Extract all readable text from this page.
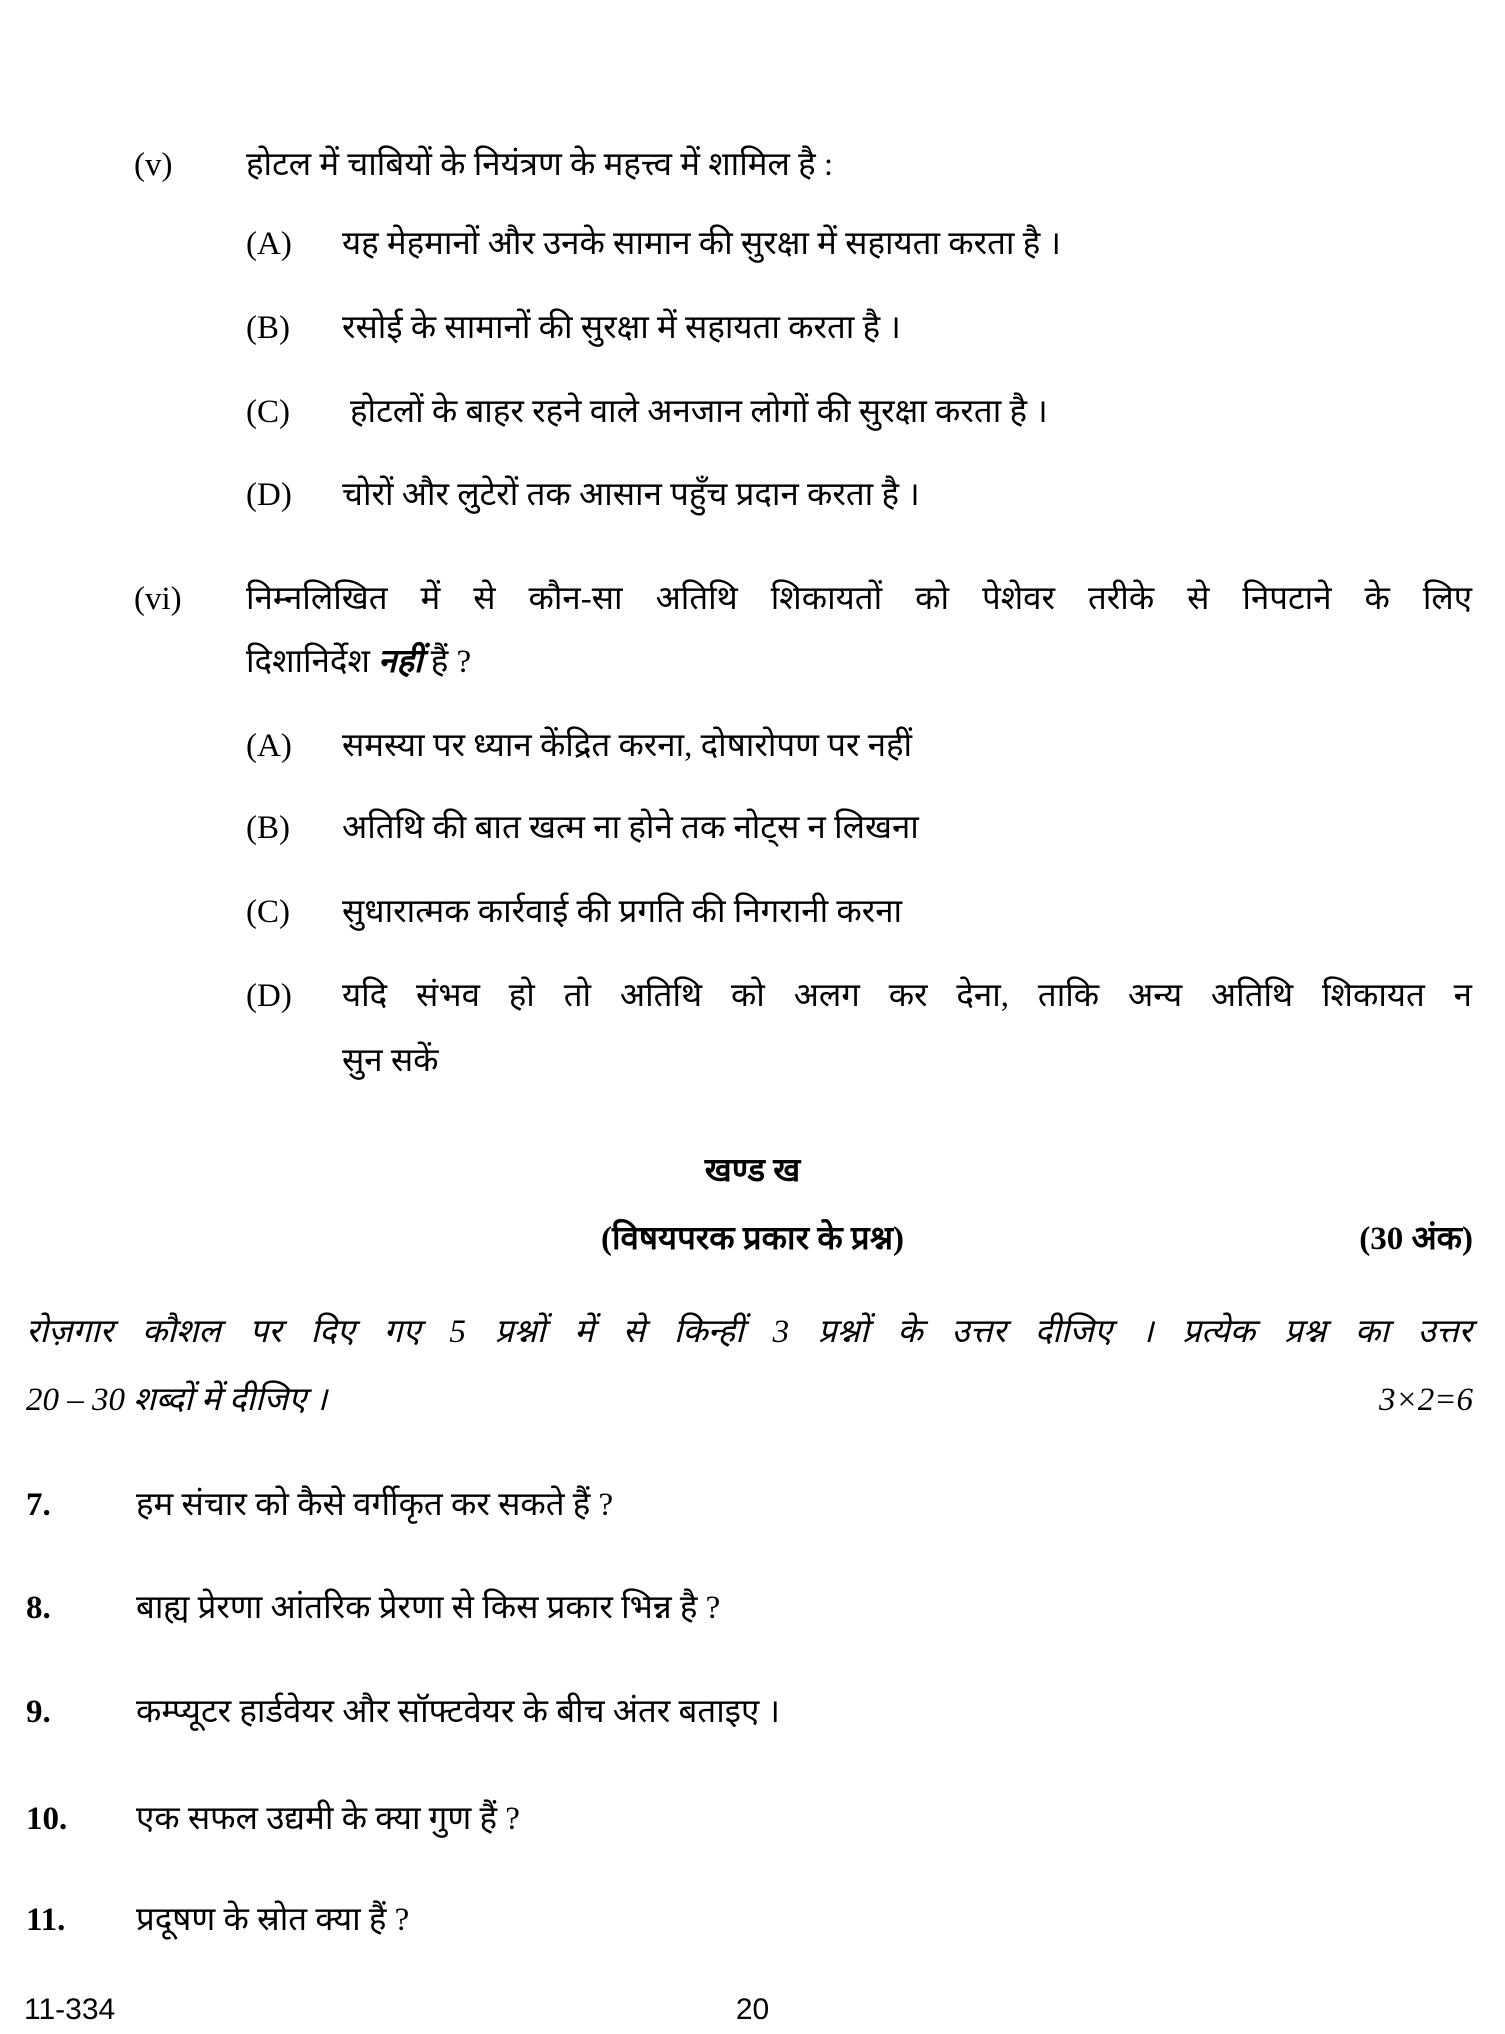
(v) होटल में चाबियों के नियंत्रण के महत्त्व में शामिल है :
(A) यह मेहमानों और उनके सामान की सुरक्षा में सहायता करता है ।
(B) रसोई के सामानों की सुरक्षा में सहायता करता है ।
(C) होटलों के बाहर रहने वाले अनजान लोगों की सुरक्षा करता है ।
(D) चोरों और लुटेरों तक आसान पहुँच प्रदान करता है ।
(vi) निम्नलिखित में से कौन-सा अतिथि शिकायतों को पेशेवर तरीके से निपटाने के लिए
दिशानिर्देश नहीं हैं ?
(A) समस्या पर ध्यान केंद्रित करना, दोषारोपण पर नहीं
(B) अतिथि की बात खत्म ना होने तक नोट्स न लिखना
(C) सुधारात्मक कार्रवाई की प्रगति की निगरानी करना
(D) यदि संभव हो तो अतिथि को अलग कर देना, ताकि अन्य अतिथि शिकायत न
सुन सकें
खण्ड ख
(विषयपरक प्रकार के प्रश्न)	(30 अंक)
रोज़गार कौशल पर दिए गए 5 प्रश्नों में से किन्हीं 3 प्रश्नों के उत्तर दीजिए । प्रत्येक प्रश्न का उत्तर
20 – 30 शब्दों में दीजिए ।	3×2=6
7.	हम संचार को कैसे वर्गीकृत कर सकते हैं ?
8.	बाह्य प्रेरणा आंतरिक प्रेरणा से किस प्रकार भिन्न है ?
9.	कम्प्यूटर हार्डवेयर और सॉफ्टवेयर के बीच अंतर बताइए ।
10. एक सफल उद्यमी के क्या गुण हैं ?
11. प्रदूषण के स्रोत क्या हैं ?
11-334	20
